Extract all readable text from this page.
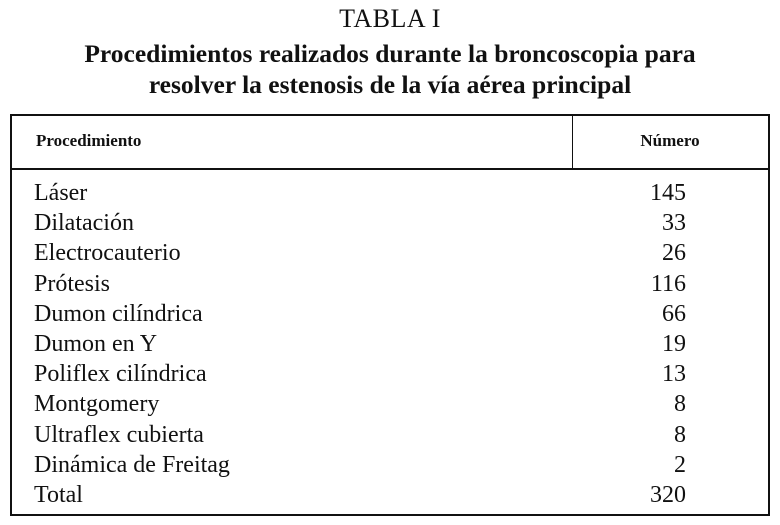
TABLA I
Procedimientos realizados durante la broncoscopia para
resolver la estenosis de la vía aérea principal
Procedimiento	Número
Láser	145
Dilatación	33
Electrocauterio	26
Prótesis	116
Dumon cilíndrica	66
Dumon en Y	19
Poliflex cilíndrica	13
Montgomery	8
Ultraflex cubierta	8
Dinámica de Freitag	2
Total	320
